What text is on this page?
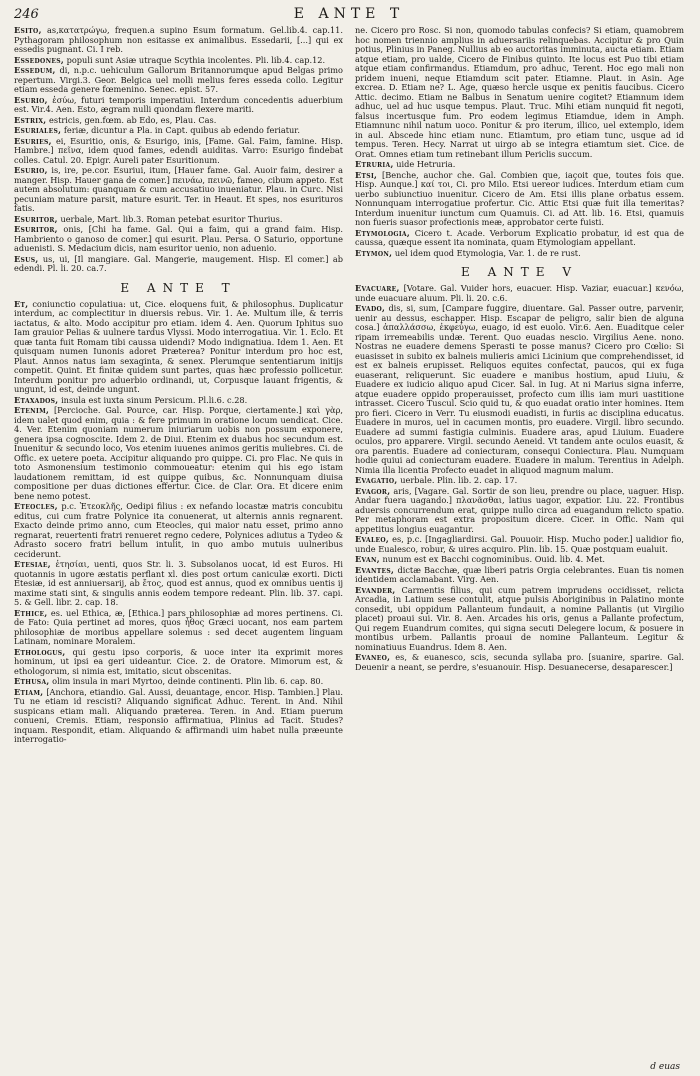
246	E ANTE T

Esito, as,κατατρώγω, frequen.a supino Esum formatum. Gel.lib.4. cap.11. Pythagoram philosophum non esitasse ex animalibus. Essedarii, [...] qui ex essedis pugnant. Ci. I reb.

Essedones, populi sunt Asiæ utraque Scythia incolentes. Pli. lib.4. cap.12.

Essedum, di, n.p.c. uehiculum Gallorum Britannorumque apud Belgas primo repertum. Virgi.3. Geor. Belgica uel molli melius feres esseda collo. Legitur etiam esseda genere fœmenino. Senec. epist. 57.

Esurio, ἐσύω, futuri temporis imperatiui. Interdum concedentis aduerbium est. Vir.4. Aen. Esto, ægram nulli quondam flexere mariti.

Estrix, estricis, gen.fœm. ab Edo, es, Plau. Cas.

Esuriales, feriæ, dicuntur a Pla. in Capt. quibus ab edendo feriatur.

Esuries, ei, Esuritio, onis, & Esurigo, inis, [Fame. Gal. Faim, famine. Hisp. Hambre.] πεῖνα, idem quod fames, edendi auiditas. Varro: Esurigo findebat colles. Catul. 20. Epigr. Aureli pater Esuritionum.

Esurio, is, ire, pe.cor. Esuriui, itum, [Hauer fame. Gal. Auoir faim, desirer a manger. Hisp. Hauer gana de comer.] πεινάω, πεινῶ, fameo, cibum appeto. Est autem absolutum: quanquam & cum accusatiuo inueniatur. Plau. in Curc. Nisi pecuniam mature parsit, mature esurit. Ter. in Heaut. Et spes, nos esurituros fatis.

Esuritor, uerbale, Mart. lib.3. Roman petebat esuritor Thurius.

Esuritor, onis, [Chi ha fame. Gal. Qui a faim, qui a grand faim. Hisp. Hambriento o ganoso de comer.] qui esurit. Plau. Persa. O Saturio, opportune aduenisti. S. Medacium dicis, nam esuritor uenio, non aduenio.

Esus, us, ui, [Il mangiare. Gal. Mangerie, maugement. Hisp. El comer.] ab edendi. Pl. li. 20. ca.7.

E ANTE T

Et, coniunctio copulatiua: ut, Cice. eloquens fuit, & philosophus. Duplicatur interdum, ac complectitur in diuersis rebus. Vir. 1. Ae. Multum ille, & terris iactatus, & alto. Modo accipitur pro etiam. idem 4. Aen. Quorum Iphitus suo Iam grauior Pelias & uulnere tardus Vlyssi. Modo interrogatiua. Vir. 1. Eclo. Et quæ tanta fuit Romam tibi caussa uidendi? Modo indignatiua. Idem 1. Aen. Et quisquam numen Iunonis adoret Præterea? Ponitur interdum pro hoc est, Plaut. Annos natus iam sexaginta, & senex. Plerumque sententiarum initijs competit. Quint. Et finitæ quidem sunt partes, quas hæc professio pollicetur. Interdum ponitur pro aduerbio ordinandi, ut, Corpusque lauant frigentis, & ungunt, id est, deinde ungunt.

Etaxados, insula est iuxta sinum Persicum. Pl.li.6. c.28.

Etenim, [Percioche. Gal. Pource, car. Hisp. Porque, ciertamente.] καὶ γὰρ, idem ualet quod enim, quia : & fere primum in oratione locum uendicat. Cice. 4. Ver. Etenim quoniam numerum iniuriarum uobis non possum exponere, genera ipsa cognoscite. Idem 2. de Diui. Etenim ex duabus hoc secundum est. Inuenitur & secundo loco, Vos etenim iuuenes animos geritis muliebres. Ci. de Offic. ex uetere poeta. Accipitur aliquando pro quippe. Ci. pro Flac. Ne quis in toto Asmonensium testimonio commoueatur: etenim qui his ego istam laudationem remittam, id est quippe quibus, &c. Nonnunquam diuisa compositione per duas dictiones effertur. Cice. de Clar. Ora. Et dicere enim bene nemo potest.

Eteocles, p.c. Ἐτεοκλῆς, Oedipi filius : ex nefando locastæ matris concubitu editus, cui cum fratre Polynice ita conuenerat, ut alternis annis regnarent. Exacto deinde primo anno, cum Eteocles, qui maior natu esset, primo anno regnarat, reuertenti fratri renueret regno cedere, Polynices adiutus a Tydeo & Adrasto socero fratri bellum intulit, in quo ambo mutuis uulneribus ceciderunt.

Etesiae, ἐτησίαι, uenti, quos Str. li. 3. Subsolanos uocat, id est Euros. Hi quotannis in ugore æstatis perflant xl. dies post ortum caniculæ exorti. Dicti Etesiæ, id est anniuersarij, ab ἔτος, quod est annus, quod ex omnibus uentis ij maxime stati sint, & singulis annis eodem tempore redeant. Plin. lib. 37. capi. 5. & Gell. libr. 2. cap. 18.

Ethice, es. uel Ethica, æ, [Ethica.] pars philosophiæ ad mores pertinens. Ci. de Fato: Quia pertinet ad mores, quos ἦθος Græci uocant, nos eam partem philosophiæ de moribus appellare solemus : sed decet augentem linguam Latinam, nominare Moralem.

Ethologus, qui gestu ipso corporis, & uoce inter ita exprimit mores hominum, ut ipsi ea geri uideantur. Cice. 2. de Oratore. Mimorum est, & ethologorum, si nimia est, imitatio, sicut obscenitas.

Ethusa, olim insula in mari Myrtoo, deinde continenti. Plin lib. 6. cap. 80.

Etiam, [Anchora, etiandio. Gal. Aussi, deuantage, encor. Hisp. Tambien.] Plau. Tu ne etiam id rescisti? Aliquando significat Adhuc. Terent. in And. Nihil suspicans etiam mali. Aliquando præterea. Teren. in And. Etiam puerum conueni, Cremis. Etiam, responsio affirmatiua, Plinius ad Tacit. Studes? inquam. Respondit, etiam. Aliquando & affirmandi uim habet nulla præeunte interrogatio-

ne. Cicero pro Rosc. Si non, quomodo tabulas confecis? Si etiam, quamobrem hoc nomen triennio amplius in aduersariis relinquebas. Accipitur & pro Quin potius, Plinius in Paneg. Nullius ab eo auctoritas imminuta, aucta etiam. Etiam atque etiam, pro ualde, Cicero de Finibus quinto. Ite locus est Puo tibi etiam atque etiam confirmandus. Etiamdum, pro adhuc, Terent. Hoc ego mali non pridem inueni, neque Etiamdum scit pater. Etiamne. Plaut. in Asin. Age excrea. D. Etiam ne? L. Age, quæso hercle usque ex penitis faucibus. Cicero Attic. decimo. Etiam ne Balbus in Senatum uenire cogitet? Etiamnum idem adhuc, uel ad huc usque tempus. Plaut. Truc. Mihi etiam nunquid fit negoti, falsus incertusque fum. Pro eodem legimus Etiamdue, idem in Amph. Etiamnunc nihil natum uoco. Ponitur & pro iterum, illico, uel extemplo, idem in aul. Abscede hinc etiam nunc. Etiamtum, pro etiam tunc, usque ad id tempus. Teren. Hecy. Narrat ut uirgo ab se integra etiamtum siet. Cice. de Orat. Omnes etiam tum retinebant illum Periclis succum.

Etruria, uide Hetruria.

Etsi, [Benche, auchor che. Gal. Combien que, iaçoit que, toutes fois que. Hisp. Aunque.] καί τοι, Ci. pro Milo. Etsi uereor iudices. Interdum etiam cum uerbo subiunctiuo inuenitur. Cicero de Am. Etsi illis plane orbatus essem. Nonnunquam interrogatiue profertur. Cic. Attic Etsi quæ fuit illa temeritas? Interdum inuenitur iunctum cum Quamuis. Ci. ad Att. lib. 16. Etsi, quamuis non fueris suasor profectionis meæ, approbator certe fuisti.

Etymologia, Cicero t. Acade. Verborum Explicatio probatur, id est qua de caussa, quæque essent ita nominata, quam Etymologiam appellant.

Etymon, uel idem quod Etymologia, Var. 1. de re rust.

E ANTE V

Evacuare, [Votare. Gal. Vuider hors, euacuer. Hisp. Vaziar, euacuar.] κενόω, unde euacuare aluum. Pli. li. 20. c.6.

Evado, dis, si, sum, [Campare fuggire, diuentare. Gal. Passer outre, parvenir, uenir au dessus, eschapper. Hisp. Escapar de peligro, salir bien de alguna cosa.] ἀπαλλάσσω, ἐκφεύγω, euago, id est euolo. Vir.6. Aen. Euaditque celer ripam irremeabilis undæ. Terent. Quo euadas nescio. Virgilius Aene. nono. Nostras ne euadere demens Sperasti te posse manus? Cicero pro Cœlio: Si euasisset in subito ex balneis mulieris amici Licinium que comprehendisset, id est ex balneis erupisset. Reliquos equites confectat, paucos, qui ex fuga euaserant, reliquerunt. Sic euadere e manibus hostium, apud Liuiu, & Euadere ex iudicio aliquo apud Cicer. Sal. in Iug. At ni Marius signa inferre, atque euadere oppido properauisset, profecto cum illis iam muri uastitione intrasset. Cicero Tuscul. Scio quid tu, & quo euadat oratio inter homines. Item pro fieri. Cicero in Verr. Tu eiusmodi euadisti, in furiis ac disciplina educatus. Euadere in muros, uel in cacumen montis, pro euadere. Virgil. libro secundo. Euadere ad summi fastigia culminis. Euadere aras, apud Liuium. Euadere oculos, pro apparere. Virgil. secundo Aeneid. Vt tandem ante oculos euasit, & ora parentis. Euadere ad coniecturam, consequi Coniectura. Plau. Numquam hodie quiui ad coniecturam euadere. Euadere in malum. Terentius in Adelph. Nimia illa licentia Profecto euadet in aliquod magnum malum.

Evagatio, uerbale. Plin. lib. 2. cap. 17.

Evagor, aris, [Vagare. Gal. Sortir de son lieu, prendre ou place, uaguer. Hisp. Andar fuera uagando.] πλανᾶσθαι, latius uagor, expatior. Liu. 22. Frontibus aduersis concurrendum erat, quippe nullo circa ad euagandum relicto spatio. Per metaphoram est extra propositum dicere. Cicer. in Offic. Nam qui appetitus longius euagantur.

Evaleo, es, p.c. [Ingagliardirsi. Gal. Pouuoir. Hisp. Mucho poder.] ualidior fio, unde Eualesco, robur, & uires acquiro. Plin. lib. 15. Quæ postquam eualuit.

Evan, nunum est ex Bacchi cognominibus. Ouid. lib. 4. Met.

Evantes, dictæ Bacchæ, quæ liberi patris Orgia celebrantes. Euan tis nomen identidem acclamabant. Virg. Aen.

Evander, Carmentis filius, qui cum patrem imprudens occidisset, relicta Arcadia, in Latium sese contulit, atque pulsis Aboriginibus in Palatino monte consedit, ubi oppidum Pallanteum fundauit, a nomine Pallantis (ut Virgilio placet) proaui sui. Vir. 8. Aen. Arcades his oris, genus a Pallante profectum, Qui regem Euandrum comites, qui signa secuti Delegere locum, & posuere in montibus urbem. Pallantis proaui de nomine Pallanteum. Legitur & nominatiuus Euandrus. Idem 8. Aen.

Evaneo, es, & euanesco, scis, secunda syllaba pro. [suanire, sparire. Gal. Deuenir a neant, se perdre, s'esuanouir. Hisp. Desuanecerse, desaparescer.]

d euas
